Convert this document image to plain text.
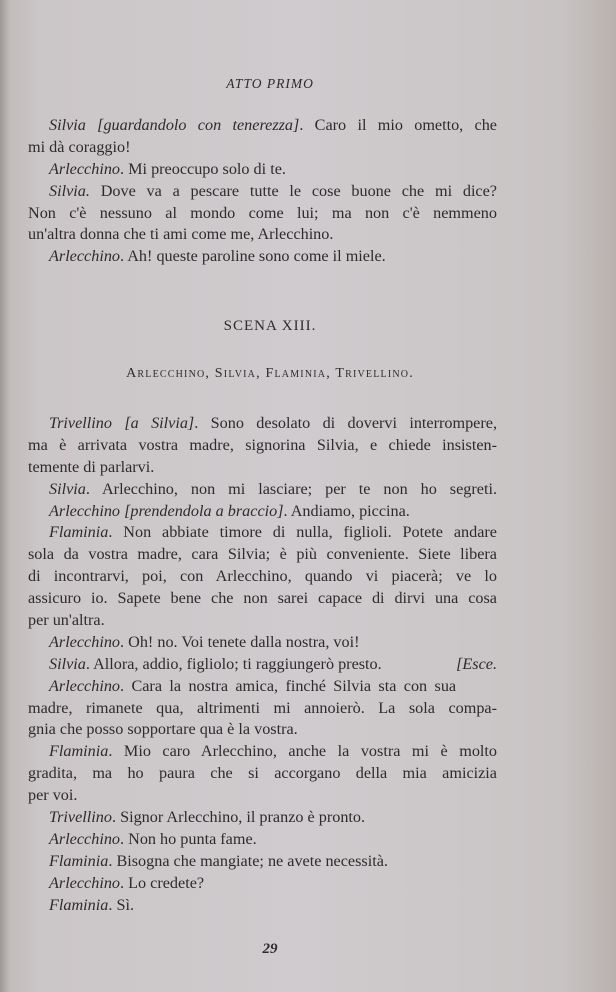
ATTO PRIMO
Silvia [guardandolo con tenerezza]. Caro il mio ometto, che
mi dà coraggio!
Arlecchino. Mi preoccupo solo di te.
Silvia. Dove va a pescare tutte le cose buone che mi dice?
Non c'è nessuno al mondo come lui; ma non c'è nemmeno
un'altra donna che ti ami come me, Arlecchino.
Arlecchino. Ah! queste paroline sono come il miele.
SCENA XIII.
Arlecchino, Silvia, Flaminia, Trivellino.
Trivellino [a Silvia]. Sono desolato di dovervi interrompere,
ma è arrivata vostra madre, signorina Silvia, e chiede insisten-
temente di parlarvi.
Silvia. Arlecchino, non mi lasciare; per te non ho segreti.
Arlecchino [prendendola a braccio]. Andiamo, piccina.
Flaminia. Non abbiate timore di nulla, figlioli. Potete andare
sola da vostra madre, cara Silvia; è più conveniente. Siete libera
di incontrarvi, poi, con Arlecchino, quando vi piacerà; ve lo
assicuro io. Sapete bene che non sarei capace di dirvi una cosa
per un'altra.
Arlecchino. Oh! no. Voi tenete dalla nostra, voi!
[Esce.
Silvia. Allora, addio, figliolo; ti raggiungerò presto.
Arlecchino. Cara la nostra amica, finché Silvia sta con sua
madre, rimanete qua, altrimenti mi annoierò. La sola compa-
gnia che posso sopportare qua è la vostra.
Flaminia. Mio caro Arlecchino, anche la vostra mi è molto
gradita, ma ho paura che si accorgano della mia amicizia
per voi.
Trivellino. Signor Arlecchino, il pranzo è pronto.
Arlecchino. Non ho punta fame.
Flaminia. Bisogna che mangiate; ne avete necessità.
Arlecchino. Lo credete?
Flaminia. Sì.
29
